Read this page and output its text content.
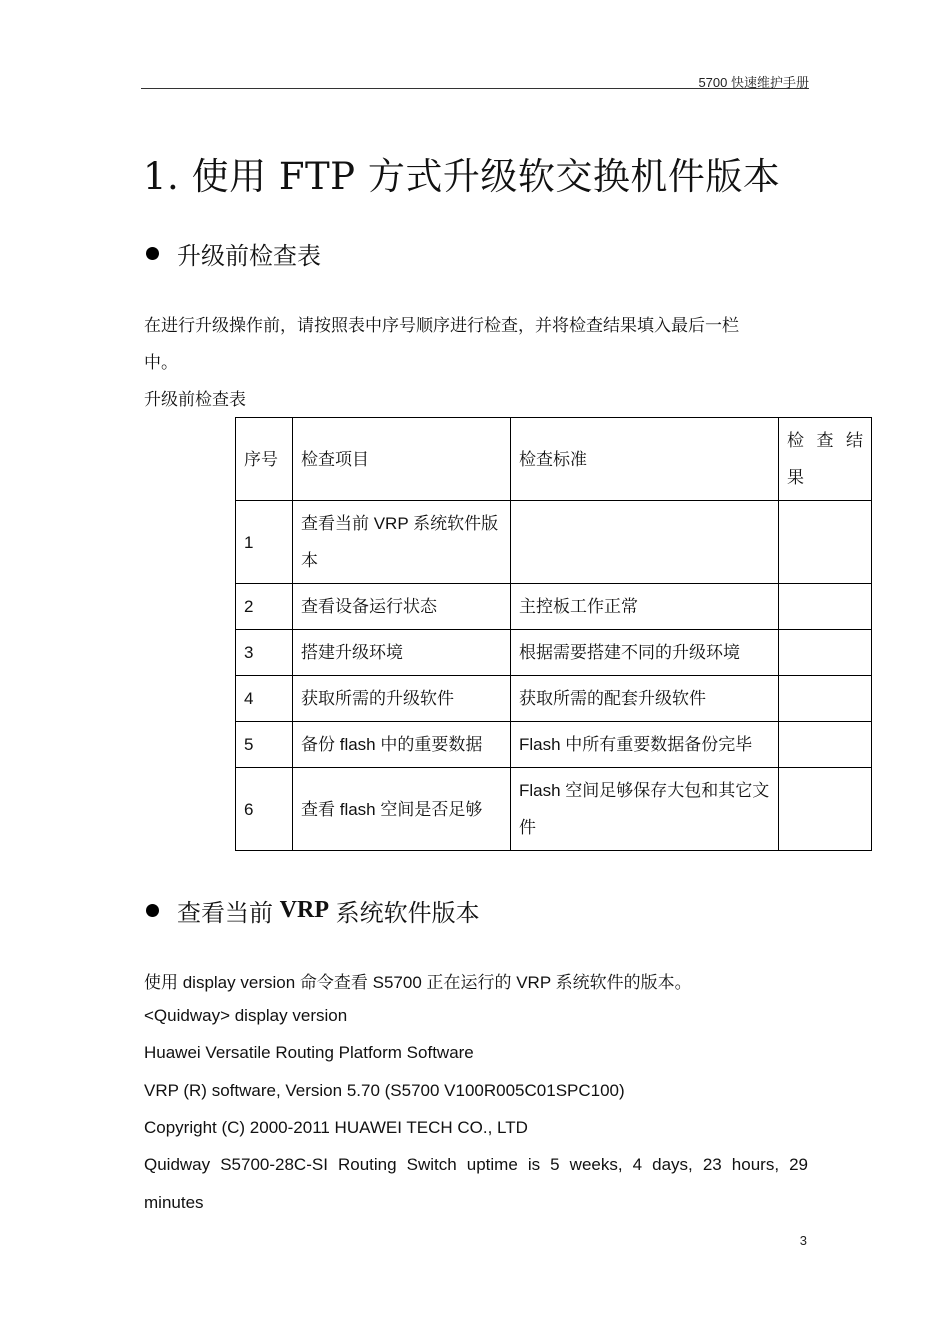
5700 快速维护手册
1. 使用 FTP 方式升级软交换机件版本
升级前检查表
在进行升级操作前，请按照表中序号顺序进行检查，并将检查结果填入最后一栏
中。
升级前检查表
序号	检查项目	检查标准	检 查 结 果
1	查看当前 VRP 系统软件版本		
2	查看设备运行状态	主控板工作正常	
3	搭建升级环境	根据需要搭建不同的升级环境	
4	获取所需的升级软件	获取所需的配套升级软件	
5	备份 flash 中的重要数据	Flash 中所有重要数据备份完毕	
6	查看 flash 空间是否足够	Flash 空间足够保存大包和其它文件	
查看当前 VRP 系统软件版本
使用 display version 命令查看 S5700 正在运行的 VRP 系统软件的版本。
<Quidway> display version
Huawei Versatile Routing Platform Software
VRP (R) software, Version 5.70 (S5700 V100R005C01SPC100)
Copyright (C) 2000-2011 HUAWEI TECH CO., LTD
Quidway S5700-28C-SI Routing Switch uptime is 5 weeks, 4 days, 23 hours, 29
minutes
3
